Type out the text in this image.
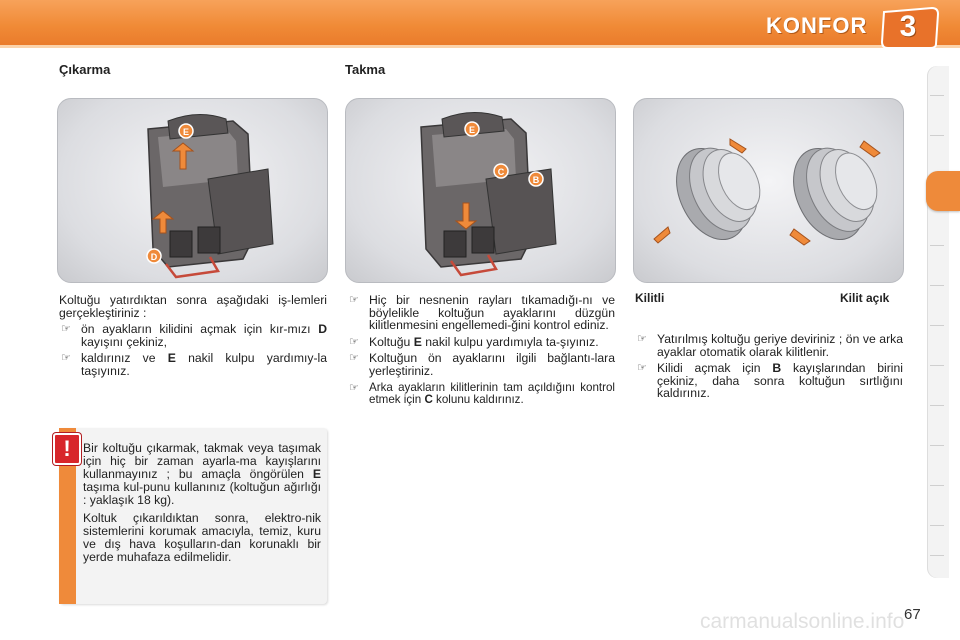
KONFOR	3
Çıkarma	Takma
E
D
E
C
B

Koltuğu yatırdıktan sonra aşağıdaki iş-lemleri gerçekleştiriniz :

☞ ön ayakların kilidini açmak için kır-mızı D kayışını çekiniz,
☞ kaldırınız ve E nakil kulpu yardımıy-la taşıyınız.
☞ Hiç bir nesnenin rayları tıkamadığı-nı ve böylelikle koltuğun ayaklarını düzgün kilitlenmesini engellemedi-ğini kontrol ediniz.
☞ Koltuğu E nakil kulpu yardımıyla ta-şıyınız.
☞ Koltuğun ön ayaklarını ilgili bağlantı-lara yerleştiriniz.
☞ Arka ayakların kilitlerinin tam açıldığını kontrol etmek için C kolunu kaldırınız.
Kilitli	Kilit açık
☞ Yatırılmış koltuğu geriye deviriniz ; ön ve arka ayaklar otomatik olarak kilitlenir.
☞ Kilidi açmak için B kayışlarından birini çekiniz, daha sonra koltuğun sırtlığını kaldırınız.
!	Bir koltuğu çıkarmak, takmak veya taşımak için hiç bir zaman ayarla-ma kayışlarını kullanmayınız ; bu amaçla öngörülen E taşıma kul-punu kullanınız (koltuğun ağırlığı : yaklaşık 18 kg).

Koltuk çıkarıldıktan sonra, elektro-nik sistemlerini korumak amacıyla, temiz, kuru ve dış hava koşulların-dan korunaklı bir yerde muhafaza edilmelidir.

carmanualsonline.info 67
